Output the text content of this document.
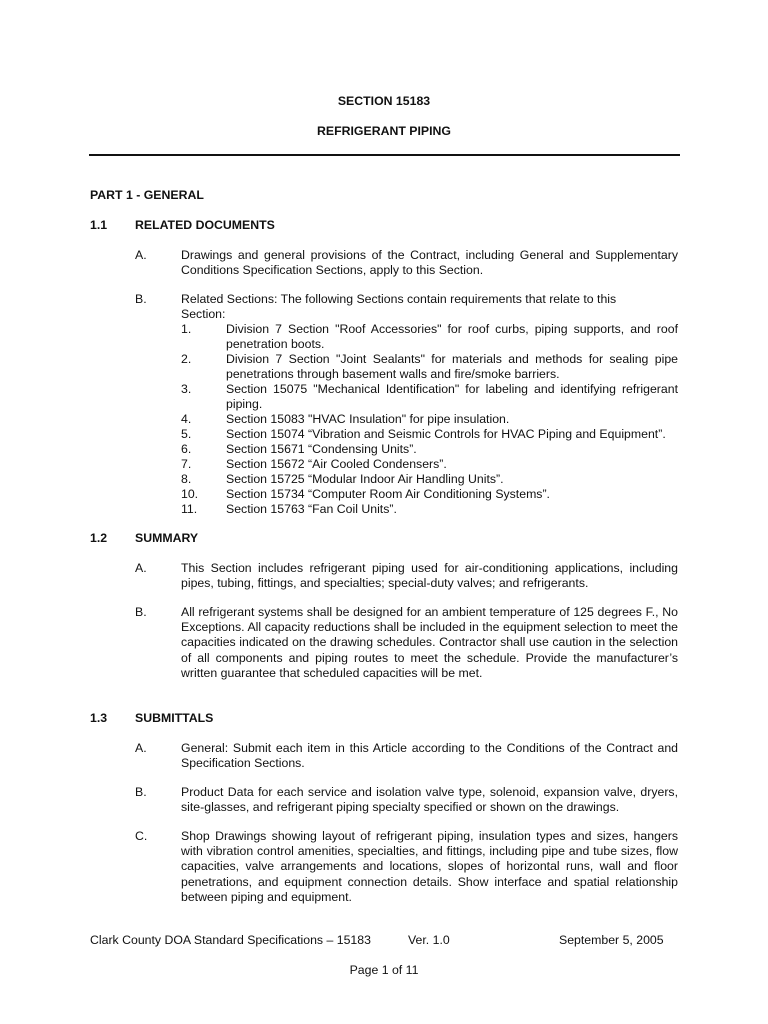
SECTION 15183
REFRIGERANT PIPING
PART 1 - GENERAL
1.1 RELATED DOCUMENTS
A.	Drawings and general provisions of the Contract, including General and Supplementary Conditions Specification Sections, apply to this Section.
B.	Related Sections: The following Sections contain requirements that relate to this
Section:
1.	Division 7 Section "Roof Accessories" for roof curbs, piping supports, and roof penetration boots.
2.	Division 7 Section "Joint Sealants" for materials and methods for sealing pipe penetrations through basement walls and fire/smoke barriers.
3.	Section 15075 "Mechanical Identification" for labeling and identifying refrigerant piping.
4.	Section 15083 "HVAC Insulation" for pipe insulation.
5.	Section 15074 “Vibration and Seismic Controls for HVAC Piping and Equipment”.
6.	Section 15671 “Condensing Units”.
7.	Section 15672 “Air Cooled Condensers”.
8.	Section 15725 “Modular Indoor Air Handling Units”.
10. Section 15734 “Computer Room Air Conditioning Systems”.
11. Section 15763 “Fan Coil Units”.
1.2 SUMMARY
A.	This Section includes refrigerant piping used for air-conditioning applications, including pipes, tubing, fittings, and specialties; special-duty valves; and refrigerants.
B.	All refrigerant systems shall be designed for an ambient temperature of 125 degrees F., No Exceptions. All capacity reductions shall be included in the equipment selection to meet the capacities indicated on the drawing schedules. Contractor shall use caution in the selection of all components and piping routes to meet the schedule. Provide the manufacturer’s written guarantee that scheduled capacities will be met.
1.3 SUBMITTALS
A.	General: Submit each item in this Article according to the Conditions of the Contract and Specification Sections.
B.	Product Data for each service and isolation valve type, solenoid, expansion valve, dryers, site-glasses, and refrigerant piping specialty specified or shown on the drawings.
C.	Shop Drawings showing layout of refrigerant piping, insulation types and sizes, hangers with vibration control amenities, specialties, and fittings, including pipe and tube sizes, flow capacities, valve arrangements and locations, slopes of horizontal runs, wall and floor penetrations, and equipment connection details. Show interface and spatial relationship between piping and equipment.
Clark County DOA Standard Specifications – 15183	Ver. 1.0	September 5, 2005
Page 1 of 11
